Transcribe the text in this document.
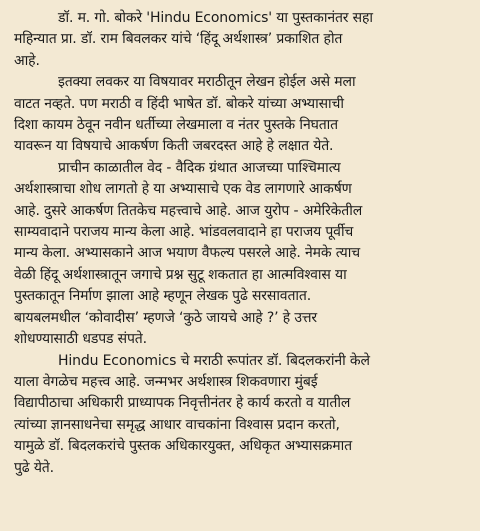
डॉ. म. गो. बोकरे 'Hindu Economics' या पुस्तकानंतर सहा
महिन्यात प्रा. डॉ. राम बिवलकर यांचे ‘हिंदू अर्थशास्त्र’ प्रकाशित होत
आहे.
इतक्या लवकर या विषयावर मराठीतून लेखन होईल असे मला
वाटत नव्हते. पण मराठी व हिंदी भाषेत डॉ. बोकरे यांच्या अभ्यासाची
दिशा कायम ठेवून नवीन धर्तीच्या लेखमाला व नंतर पुस्तके निघतात
यावरून या विषयाचे आकर्षण किती जबरदस्त आहे हे लक्षात येते.
प्राचीन काळातील वेद - वैदिक ग्रंथात आजच्या पाश्चिमात्य
अर्थशास्त्राचा शोध लागतो हे या अभ्यासाचे एक वेड लागणारे आकर्षण
आहे. दुसरे आकर्षण तितकेच महत्त्वाचे आहे. आज युरोप - अमेरिकेतील
साम्यवादाने पराजय मान्य केला आहे. भांडवलवादाने हा पराजय पूर्वीच
मान्य केला. अभ्यासकाने आज भयाण वैफल्य पसरले आहे. नेमके त्याच
वेळी हिंदू अर्थशास्त्रातून जगाचे प्रश्न सुटू शकतात हा आत्मविश्वास या
पुस्तकातून निर्माण झाला आहे म्हणून लेखक पुढे सरसावतात.
बायबलमधील ‘कोवादीस’ म्हणजे ‘कुठे जायचे आहे ?’ हे उत्तर
शोधण्यासाठी धडपड संपते.
Hindu Economics चे मराठी रूपांतर डॉ. बिदलकरांनी केले
याला वेगळेच महत्त्व आहे. जन्मभर अर्थशास्त्र शिकवणारा मुंबई
विद्यापीठाचा अधिकारी प्राध्यापक निवृत्तीनंतर हे कार्य करतो व यातील
त्यांच्या ज्ञानसाधनेचा समृद्ध आधार वाचकांना विश्वास प्रदान करतो,
यामुळे डॉ. बिदलकरांचे पुस्तक अधिकारयुक्त, अधिकृत अभ्यासक्रमात
पुढे येते.
